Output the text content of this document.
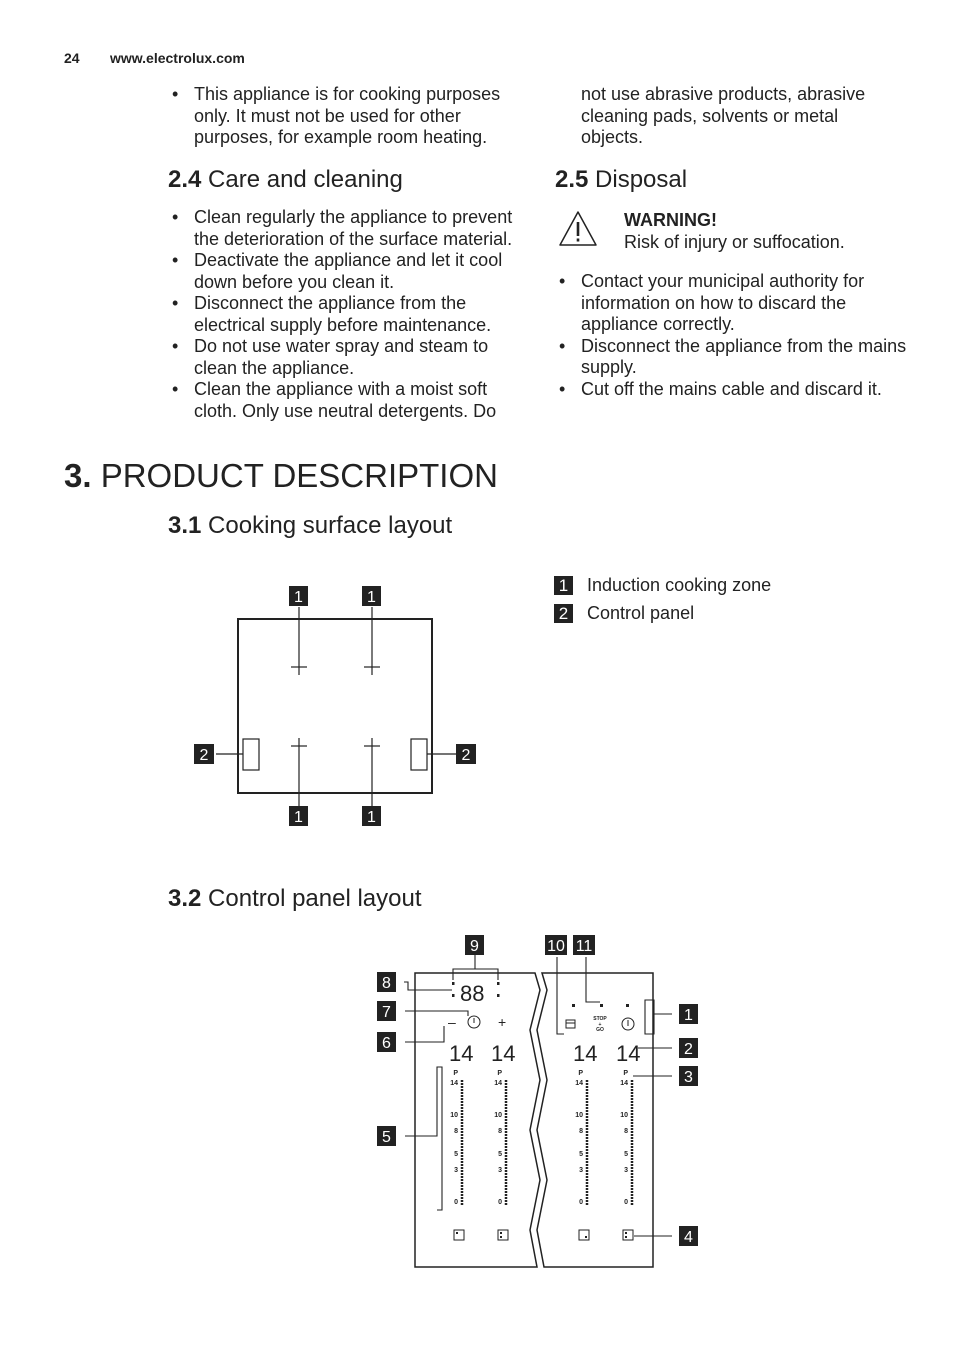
24 www.electrolux.com
• This appliance is for cooking purposes only. It must not be used for other purposes, for example room heating.
2.4 Care and cleaning
• Clean regularly the appliance to prevent the deterioration of the surface material.
• Deactivate the appliance and let it cool down before you clean it.
• Disconnect the appliance from the electrical supply before maintenance.
• Do not use water spray and steam to clean the appliance.
• Clean the appliance with a moist soft cloth. Only use neutral detergents. Do
not use abrasive products, abrasive cleaning pads, solvents or metal objects.
2.5 Disposal
WARNING!
Risk of injury or suffocation.
• Contact your municipal authority for information on how to discard the appliance correctly.
• Disconnect the appliance from the mains supply.
• Cut off the mains cable and discard it.
3. PRODUCT DESCRIPTION
3.1 Cooking surface layout
1 Induction cooking zone
2 Control panel
1	1
1	1
2	2
3.2 Control panel layout
88
–	+	STOP
+
GO
14 14	14 14
P
14
10
8
5
3
0
P
14
10
8
5
3
0
P
14
10
8
5
3
0
P
14
10
8
5
3
0
9	10 11
8
7
6
5
1
2
3
4
